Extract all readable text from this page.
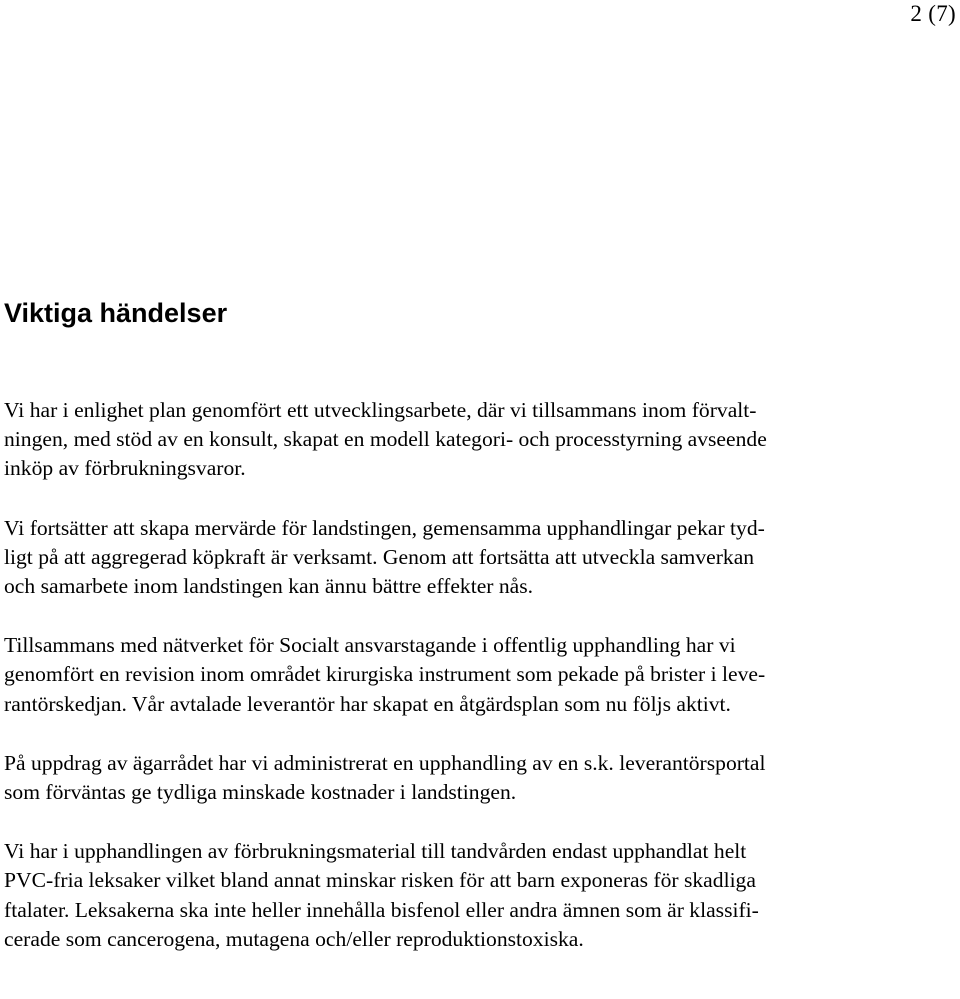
2 (7)
Viktiga händelser

Vi har i enlighet plan genomfört ett utvecklingsarbete, där vi tillsammans inom förvalt-
ningen, med stöd av en konsult, skapat en modell kategori- och processtyrning avseende
inköp av förbrukningsvaror.

Vi fortsätter att skapa mervärde för landstingen, gemensamma upphandlingar pekar tyd-
ligt på att aggregerad köpkraft är verksamt. Genom att fortsätta att utveckla samverkan
och samarbete inom landstingen kan ännu bättre effekter nås.

Tillsammans med nätverket för Socialt ansvarstagande i offentlig upphandling har vi
genomfört en revision inom området kirurgiska instrument som pekade på brister i leve-
rantörskedjan. Vår avtalade leverantör har skapat en åtgärdsplan som nu följs aktivt.

På uppdrag av ägarrådet har vi administrerat en upphandling av en s.k. leverantörsportal
som förväntas ge tydliga minskade kostnader i landstingen.

Vi har i upphandlingen av förbrukningsmaterial till tandvården endast upphandlat helt
PVC-fria leksaker vilket bland annat minskar risken för att barn exponeras för skadliga
ftalater. Leksakerna ska inte heller innehålla bisfenol eller andra ämnen som är klassifi-
cerade som cancerogena, mutagena och/eller reproduktionstoxiska.
